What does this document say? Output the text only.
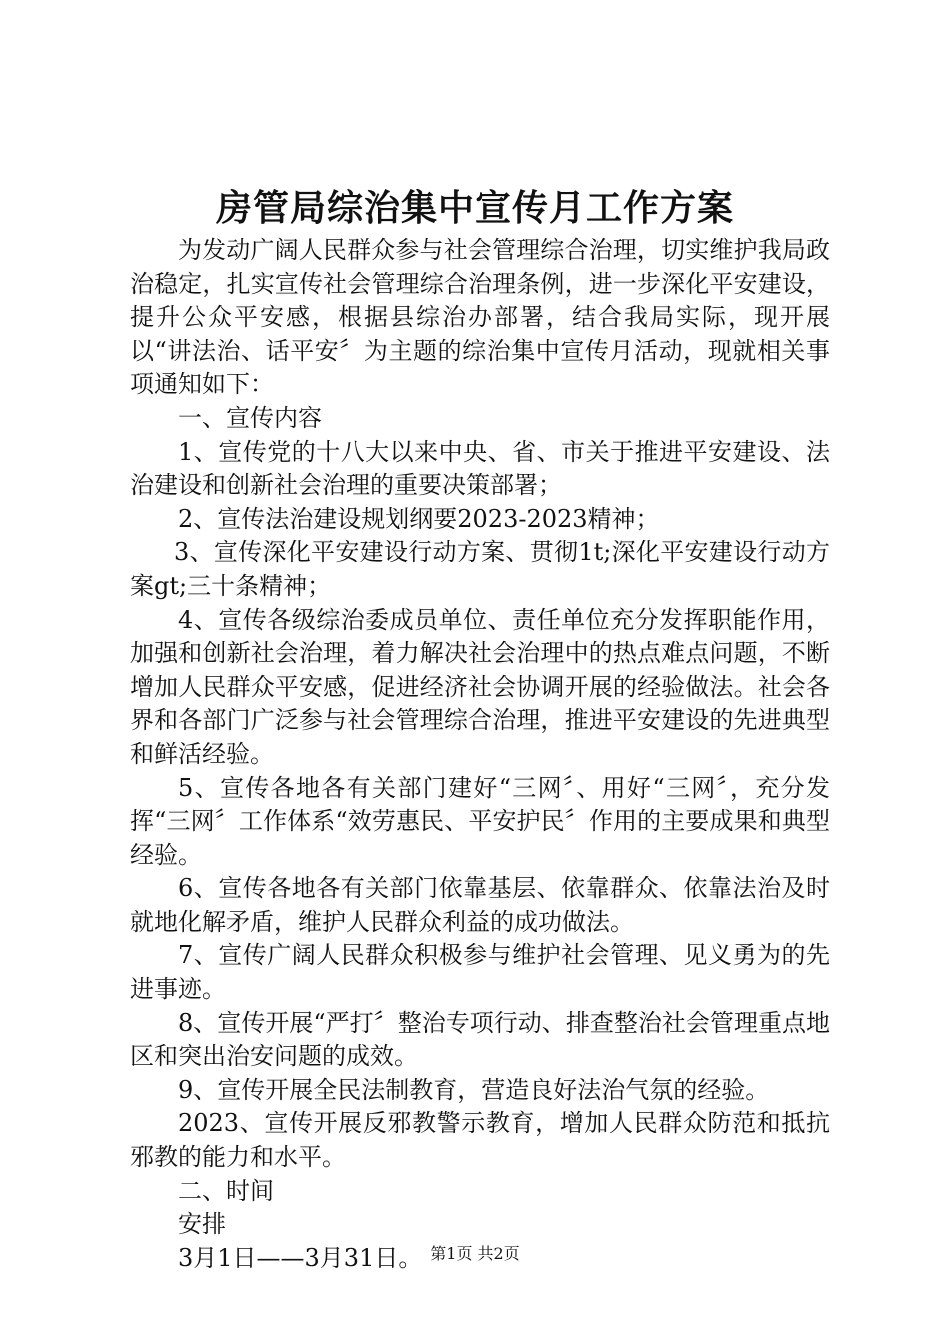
房管局综治集中宣传月工作方案

为发动广阔人民群众参与社会管理综合治理，切实维护我局政治稳定，扎实宣传社会管理综合治理条例，进一步深化平安建设，提升公众平安感，根据县综治办部署，结合我局实际，现开展以“讲法治、话平安〞为主题的综治集中宣传月活动，现就相关事项通知如下：

一、宣传内容

1、宣传党的十八大以来中央、省、市关于推进平安建设、法治建设和创新社会治理的重要决策部署；

2、宣传法治建设规划纲要2023-2023精神；

3、宣传深化平安建设行动方案、贯彻1t;深化平安建设行动方案gt;三十条精神；

4、宣传各级综治委成员单位、责任单位充分发挥职能作用，加强和创新社会治理，着力解决社会治理中的热点难点问题，不断增加人民群众平安感，促进经济社会协调开展的经验做法。社会各界和各部门广泛参与社会管理综合治理，推进平安建设的先进典型和鲜活经验。

5、宣传各地各有关部门建好“三网〞、用好“三网〞，充分发挥“三网〞工作体系“效劳惠民、平安护民〞作用的主要成果和典型经验。

6、宣传各地各有关部门依靠基层、依靠群众、依靠法治及时就地化解矛盾，维护人民群众利益的成功做法。

7、宣传广阔人民群众积极参与维护社会管理、见义勇为的先进事迹。

8、宣传开展“严打〞整治专项行动、排查整治社会管理重点地区和突出治安问题的成效。

9、宣传开展全民法制教育，营造良好法治气氛的经验。

2023、宣传开展反邪教警示教育，增加人民群众防范和抵抗邪教的能力和水平。

二、时间

安排

3月1日——3月31日。 第1页 共2页
